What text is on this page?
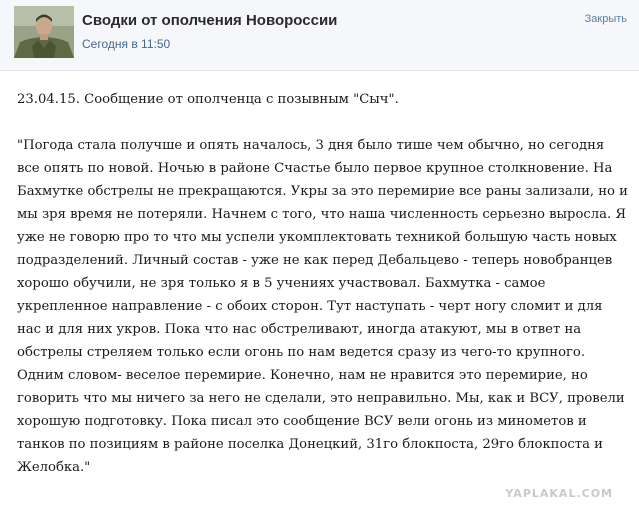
Сводки от ополчения Новороссии
Сегодня в 11:50
Закрыть

23.04.15. Сообщение от ополченца с позывным "Сыч".

"Погода стала получше и опять началось, 3 дня было тише чем обычно, но сегодня все опять по новой. Ночью в районе Счастье было первое крупное столкновение. На Бахмутке обстрелы не прекращаются. Укры за это перемирие все раны зализали, но и мы зря время не потеряли. Начнем с того, что наша численность серьезно выросла. Я уже не говорю про то что мы успели укомплектовать техникой большую часть новых подразделений. Личный состав - уже не как перед Дебальцево - теперь новобранцев хорошо обучили, не зря только я в 5 учениях участвовал. Бахмутка - самое укрепленное направление - с обоих сторон. Тут наступать - черт ногу сломит и для нас и для них укров. Пока что нас обстреливают, иногда атакуют, мы в ответ на обстрелы стреляем только если огонь по нам ведется сразу из чего-то крупного. Одним словом- веселое перемирие. Конечно, нам не нравится это перемирие, но говорить что мы ничего за него не сделали, это неправильно. Мы, как и ВСУ, провели хорошую подготовку. Пока писал это сообщение ВСУ вели огонь из минометов и танков по позициям в районе поселка Донецкий, 31го блокпоста, 29го блокпоста и Желобка."

YAPLAKAL.COM
